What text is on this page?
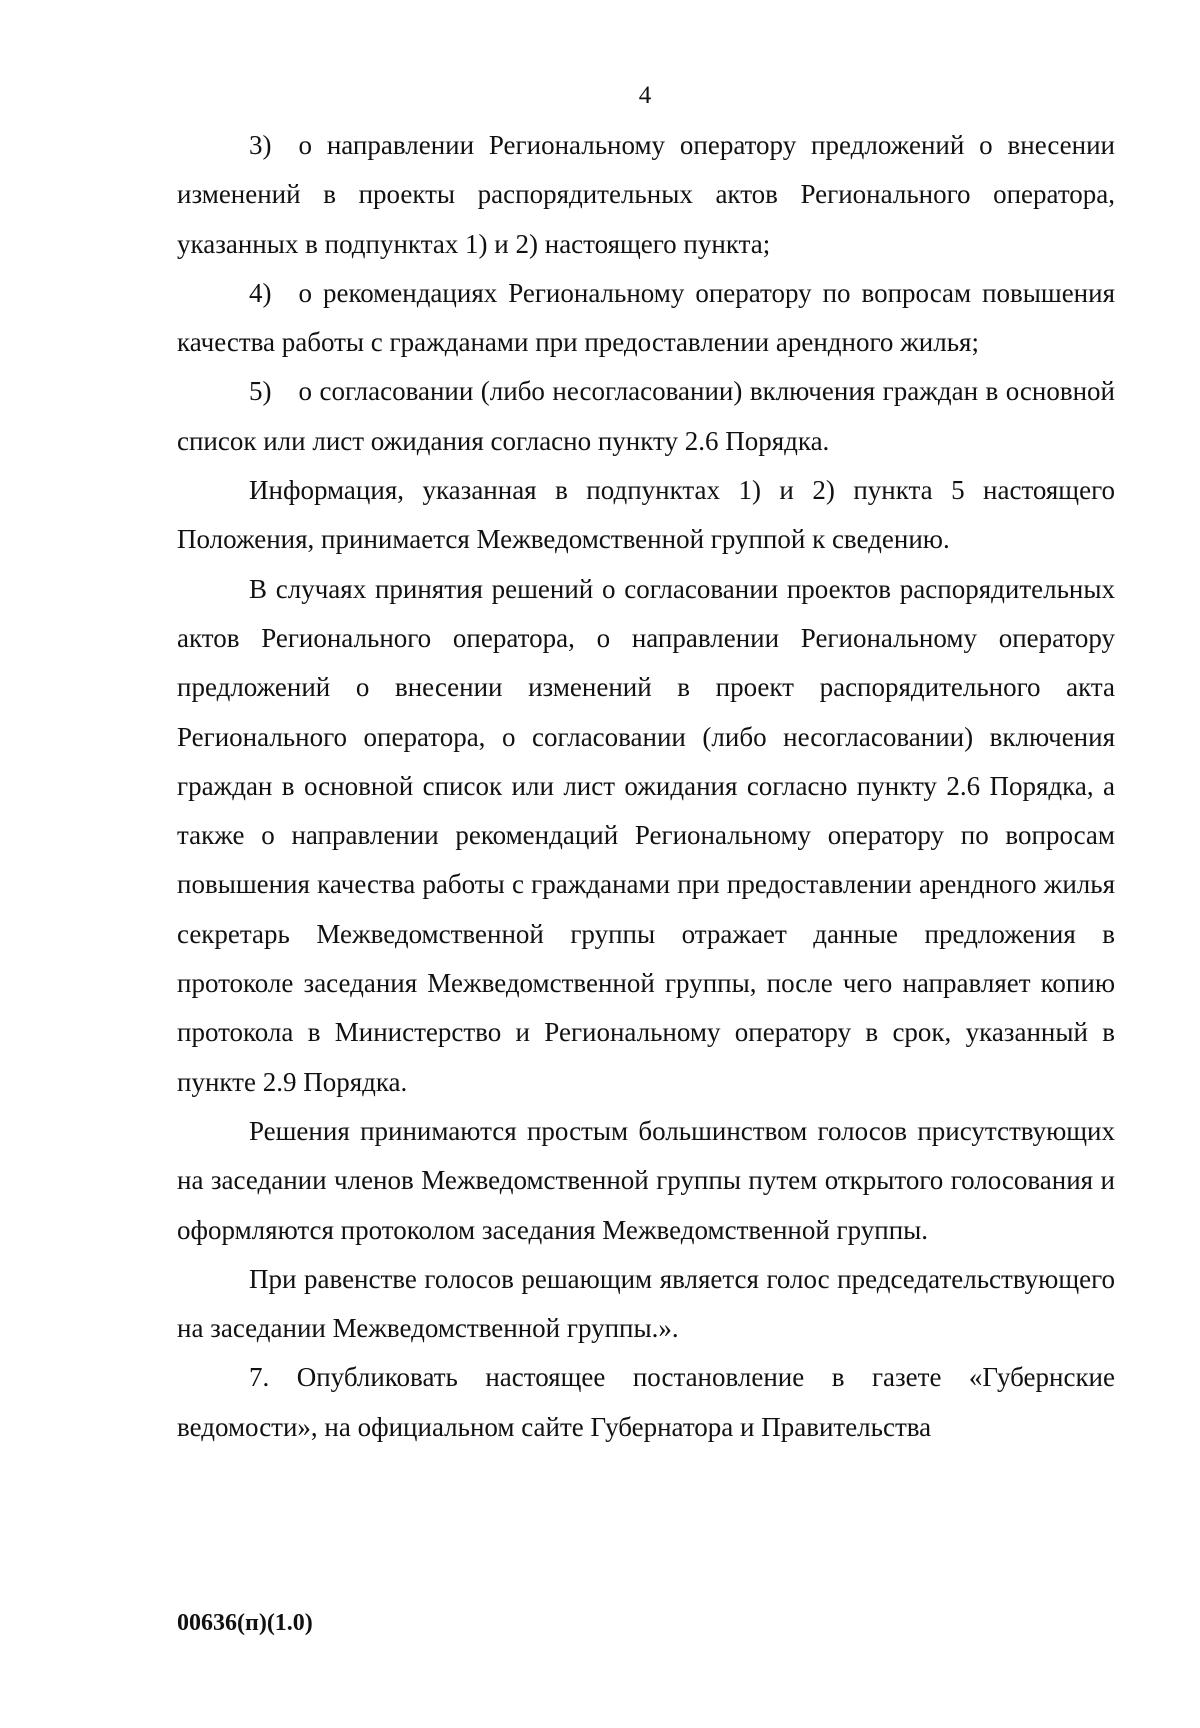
4

3) о направлении Региональному оператору предложений о внесении изменений в проекты распорядительных актов Регионального оператора, указанных в подпунктах 1) и 2) настоящего пункта;

4) о рекомендациях Региональному оператору по вопросам повышения качества работы с гражданами при предоставлении арендного жилья;

5) о согласовании (либо несогласовании) включения граждан в основной список или лист ожидания согласно пункту 2.6 Порядка.

Информация, указанная в подпунктах 1) и 2) пункта 5 настоящего Положения, принимается Межведомственной группой к сведению.

В случаях принятия решений о согласовании проектов распорядительных актов Регионального оператора, о направлении Региональному оператору предложений о внесении изменений в проект распорядительного акта Регионального оператора, о согласовании (либо несогласовании) включения граждан в основной список или лист ожидания согласно пункту 2.6 Порядка, а также о направлении рекомендаций Региональному оператору по вопросам повышения качества работы с гражданами при предоставлении арендного жилья секретарь Межведомственной группы отражает данные предложения в протоколе заседания Межведомственной группы, после чего направляет копию протокола в Министерство и Региональному оператору в срок, указанный в пункте 2.9 Порядка.

Решения принимаются простым большинством голосов присутствующих на заседании членов Межведомственной группы путем открытого голосования и оформляются протоколом заседания Межведомственной группы.

При равенстве голосов решающим является голос председательствующего на заседании Межведомственной группы.».

7. Опубликовать настоящее постановление в газете «Губернские ведомости», на официальном сайте Губернатора и Правительства

00636(п)(1.0)
